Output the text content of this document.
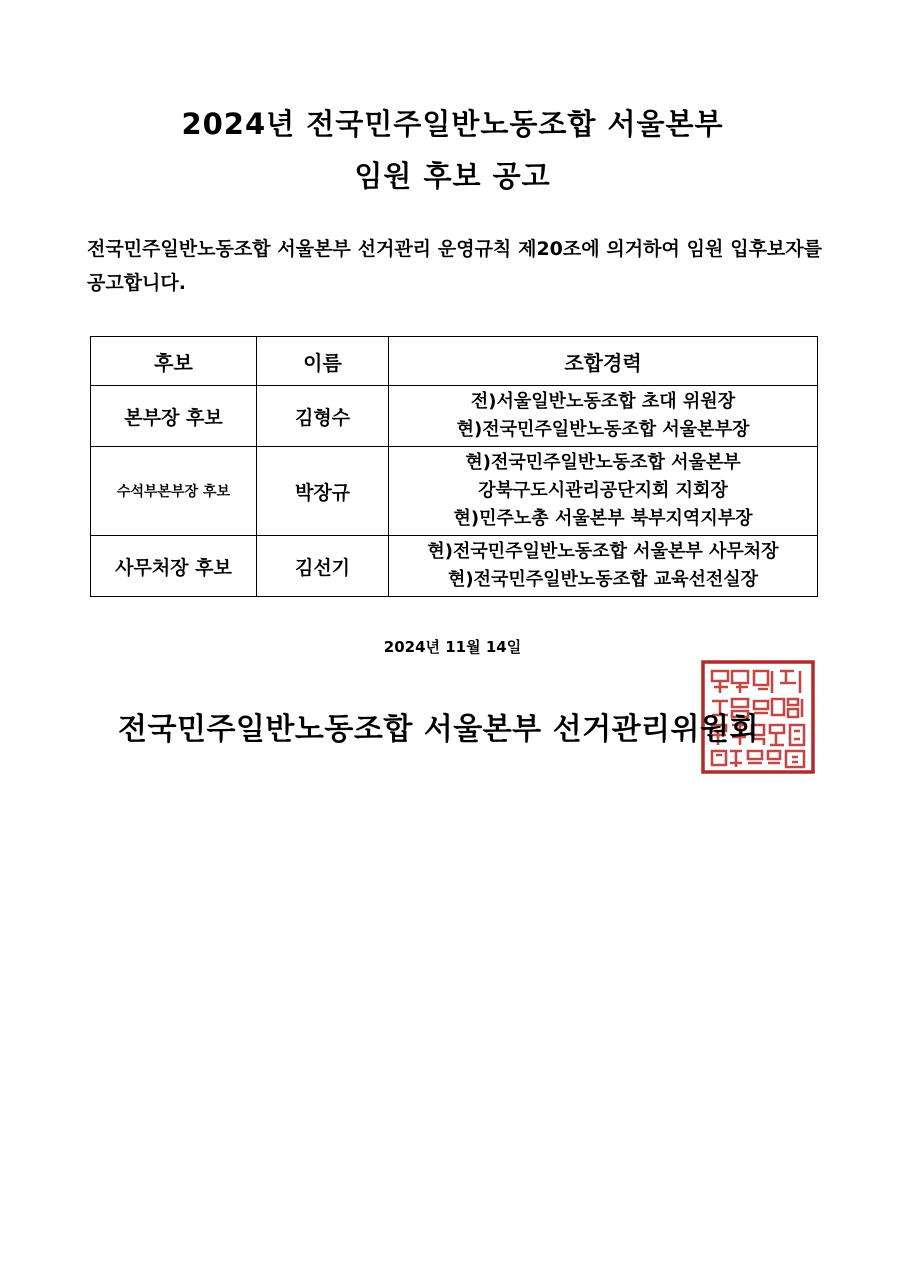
2024년 전국민주일반노동조합 서울본부
임원 후보 공고
전국민주일반노동조합 서울본부 선거관리 운영규칙 제20조에 의거하여 임원 입후보자를 공고합니다.
후보	이름	조합경력
본부장 후보	김형수	전)서울일반노동조합 초대 위원장
현)전국민주일반노동조합 서울본부장

수석부본부장 후보	박장규	현)전국민주일반노동조합 서울본부
강북구도시관리공단지회 지회장
현)민주노총 서울본부 북부지역지부장

사무처장 후보	김선기	현)전국민주일반노동조합 서울본부 사무처장
현)전국민주일반노동조합 교육선전실장
2024년 11월 14일
전국민주일반노동조합 서울본부 선거관리위원회
